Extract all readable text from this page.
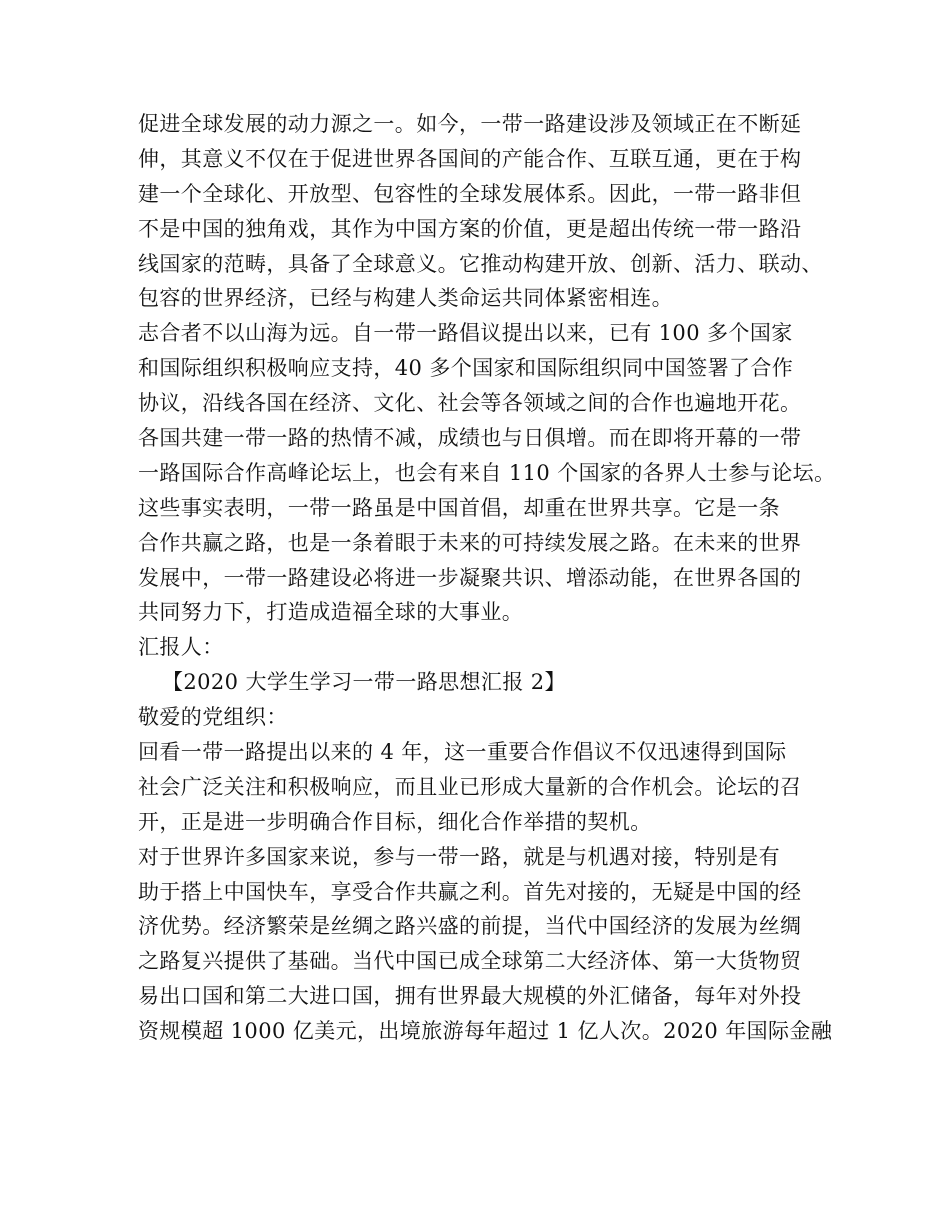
促进全球发展的动力源之一。如今，一带一路建设涉及领域正在不断延
伸，其意义不仅在于促进世界各国间的产能合作、互联互通，更在于构
建一个全球化、开放型、包容性的全球发展体系。因此，一带一路非但
不是中国的独角戏，其作为中国方案的价值，更是超出传统一带一路沿
线国家的范畴，具备了全球意义。它推动构建开放、创新、活力、联动、
包容的世界经济，已经与构建人类命运共同体紧密相连。
志合者不以山海为远。自一带一路倡议提出以来，已有 100 多个国家
和国际组织积极响应支持，40 多个国家和国际组织同中国签署了合作
协议，沿线各国在经济、文化、社会等各领域之间的合作也遍地开花。
各国共建一带一路的热情不减，成绩也与日俱增。而在即将开幕的一带
一路国际合作高峰论坛上，也会有来自 110 个国家的各界人士参与论坛。
这些事实表明，一带一路虽是中国首倡，却重在世界共享。它是一条
合作共赢之路，也是一条着眼于未来的可持续发展之路。在未来的世界
发展中，一带一路建设必将进一步凝聚共识、增添动能，在世界各国的
共同努力下，打造成造福全球的大事业。
汇报人：
【2020 大学生学习一带一路思想汇报 2】
敬爱的党组织：
回看一带一路提出以来的 4 年，这一重要合作倡议不仅迅速得到国际
社会广泛关注和积极响应，而且业已形成大量新的合作机会。论坛的召
开，正是进一步明确合作目标，细化合作举措的契机。
对于世界许多国家来说，参与一带一路，就是与机遇对接，特别是有
助于搭上中国快车，享受合作共赢之利。首先对接的，无疑是中国的经
济优势。经济繁荣是丝绸之路兴盛的前提，当代中国经济的发展为丝绸
之路复兴提供了基础。当代中国已成全球第二大经济体、第一大货物贸
易出口国和第二大进口国，拥有世界最大规模的外汇储备，每年对外投
资规模超 1000 亿美元，出境旅游每年超过 1 亿人次。2020 年国际金融
